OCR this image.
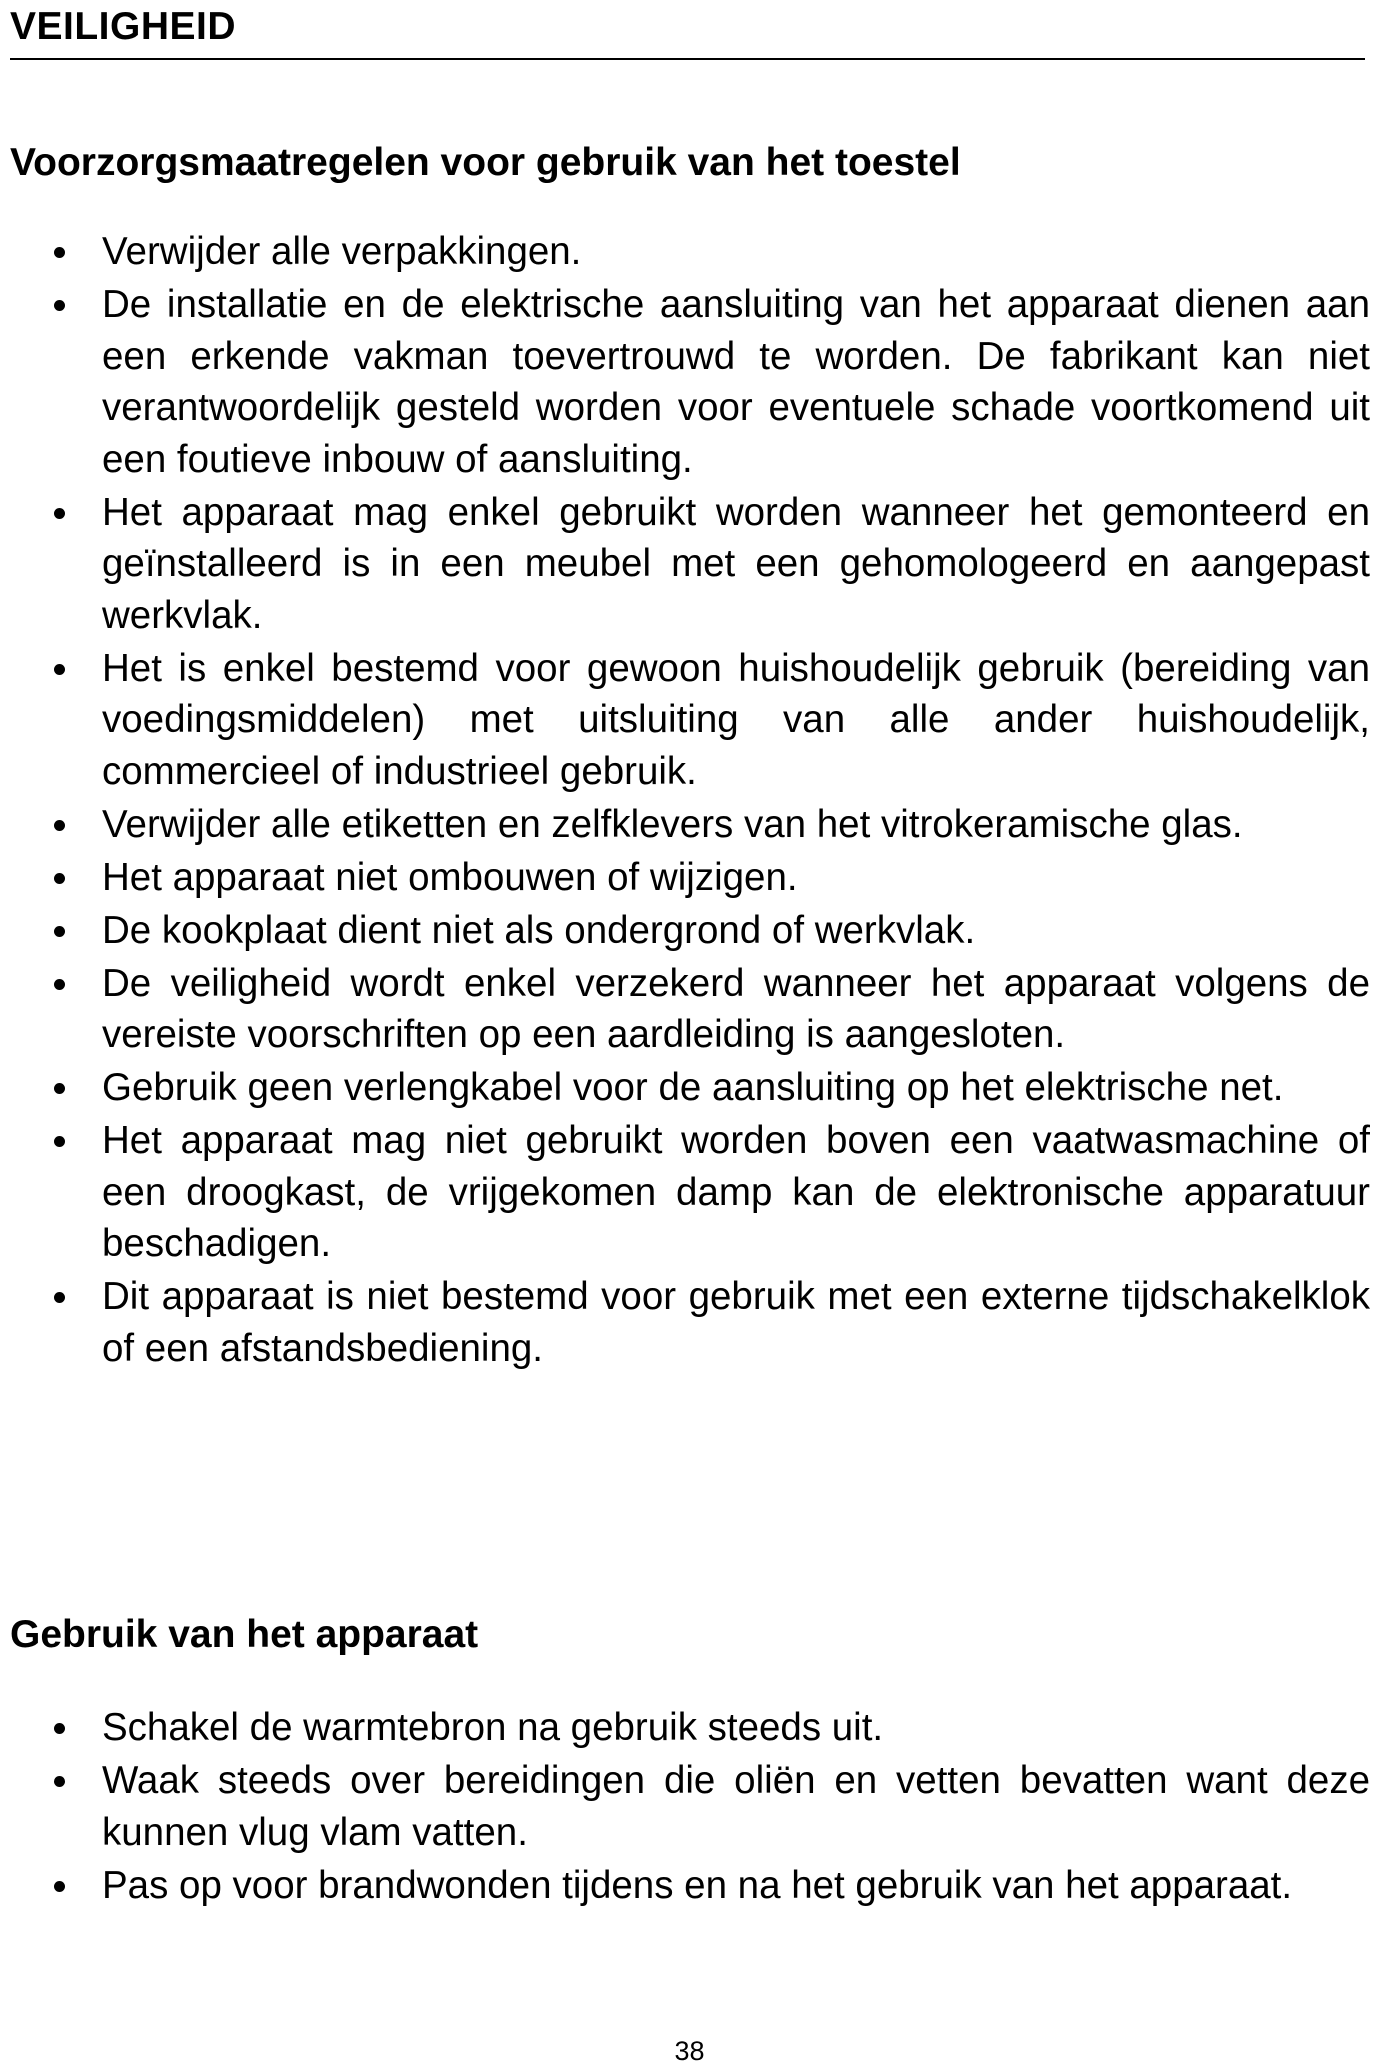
VEILIGHEID
Voorzorgsmaatregelen voor gebruik van het toestel
Verwijder alle verpakkingen.
De installatie en de elektrische aansluiting van het apparaat dienen aan een erkende vakman toevertrouwd te worden. De fabrikant kan niet verantwoordelijk gesteld worden voor eventuele schade voortkomend uit een foutieve inbouw of aansluiting.
Het apparaat mag enkel gebruikt worden wanneer het gemonteerd en geïnstalleerd is in een meubel met een gehomologeerd en aangepast werkvlak.
Het is enkel bestemd voor gewoon huishoudelijk gebruik (bereiding van voedingsmiddelen) met uitsluiting van alle ander huishoudelijk, commercieel of industrieel gebruik.
Verwijder alle etiketten en zelfklevers van het vitrokeramische glas.
Het apparaat niet ombouwen of wijzigen.
De kookplaat dient niet als ondergrond of werkvlak.
De veiligheid wordt enkel verzekerd wanneer het apparaat volgens de vereiste voorschriften op een aardleiding is aangesloten.
Gebruik geen verlengkabel voor de aansluiting op het elektrische net.
Het apparaat mag niet gebruikt worden boven een vaatwasmachine of een droogkast, de vrijgekomen damp kan de elektronische apparatuur beschadigen.
Dit apparaat is niet bestemd voor gebruik met een externe tijdschakelklok of een afstandsbediening.
Gebruik van het apparaat
Schakel de warmtebron na gebruik steeds uit.
Waak steeds over bereidingen die oliën en vetten bevatten want deze kunnen vlug vlam vatten.
Pas op voor brandwonden tijdens en na het gebruik van het apparaat.
38
